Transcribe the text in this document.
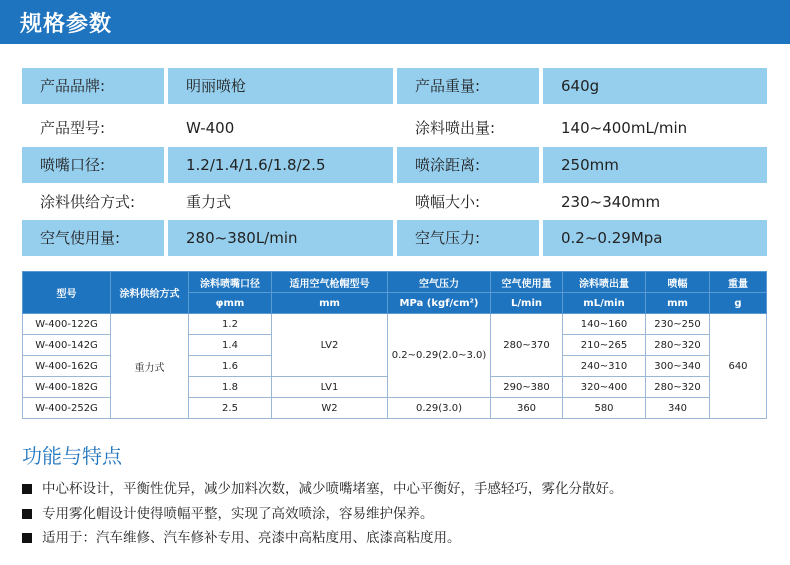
规格参数
产品品牌:	明丽喷枪	产品重量:	640g
产品型号:	W-400	涂料喷出量:	140~400mL/min
喷嘴口径:	1.2/1.4/1.6/1.8/2.5	喷涂距离:	250mm
涂料供给方式:	重力式	喷幅大小:	230~340mm
空气使用量:	280~380L/min	空气压力:	0.2~0.29Mpa
型号	涂料供给方式	涂料喷嘴口径	适用空气枪帽型号	空气压力	空气使用量	涂料喷出量	喷幅	重量
		φmm	mm	MPa (kgf/cm²)	L/min	mL/min	mm	g
W-400-122G	重力式	1.2	LV2	0.2~0.29(2.0~3.0)	280~370	140~160	230~250	640
W-400-142G		1.4				210~265	280~320	
W-400-162G		1.6				240~310	300~340	
W-400-182G		1.8	LV1		290~380	320~400	280~320	
W-400-252G		2.5	W2	0.29(3.0)	360	580	340	
功能与特点
中心杯设计，平衡性优异，减少加料次数，减少喷嘴堵塞，中心平衡好，手感轻巧，雾化分散好。
专用雾化帽设计使得喷幅平整，实现了高效喷涂，容易维护保养。
适用于：汽车维修、汽车修补专用、亮漆中高粘度用、底漆高粘度用。
